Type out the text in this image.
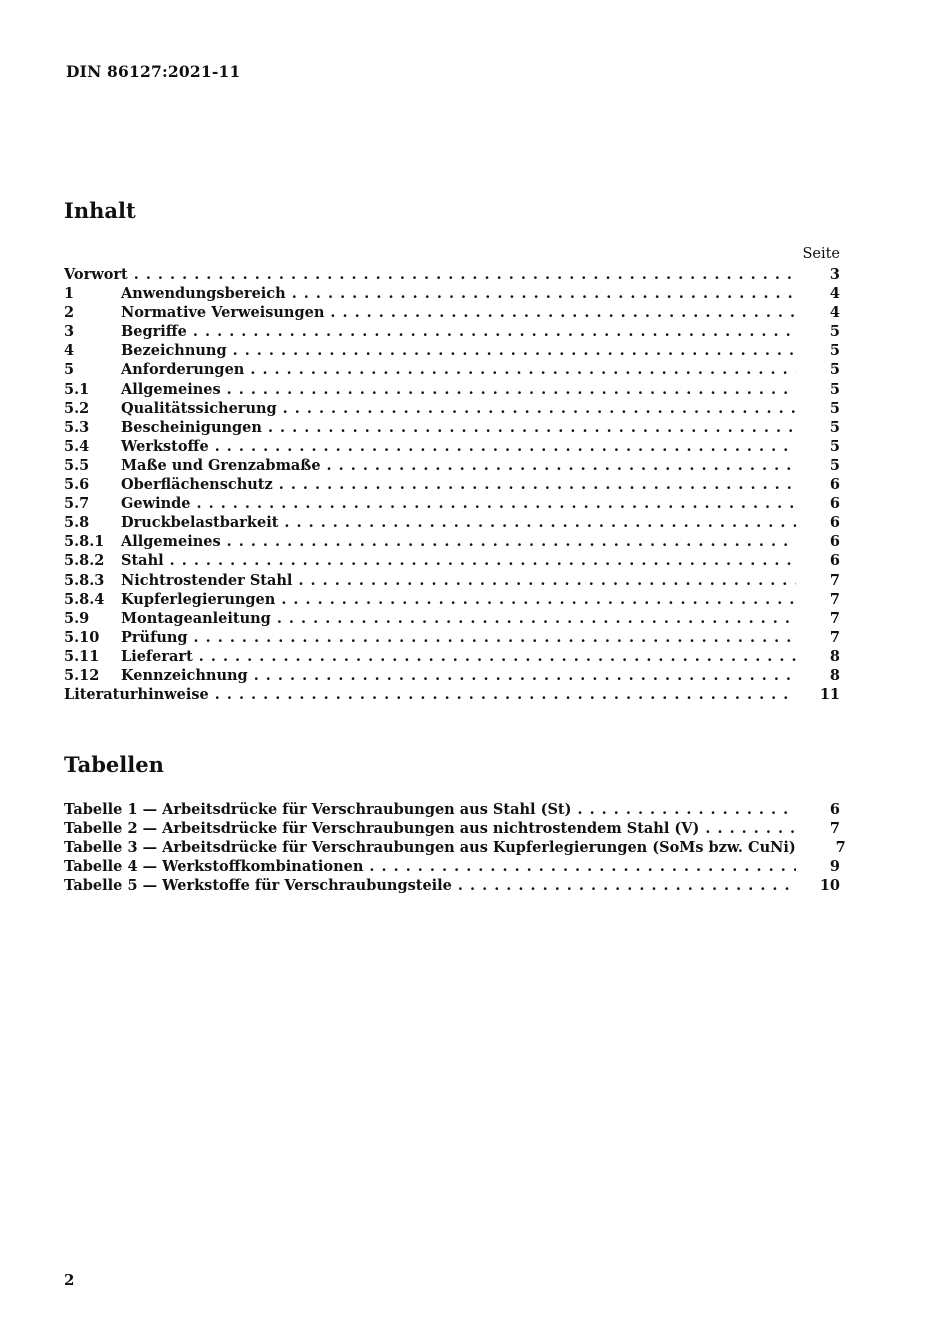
DIN 86127:2021-11
Inhalt
Seite
Vorwort . . .	3
1	Anwendungsbereich . . .	4
2	Normative Verweisungen . . .	4
3	Begriffe . . .	5
4	Bezeichnung . . .	5
5	Anforderungen . . .	5
5.1	Allgemeines . . .	5
5.2	Qualitätssicherung . . .	5
5.3	Bescheinigungen . . .	5
5.4	Werkstoffe . . .	5
5.5	Maße und Grenzabmaße . . .	5
5.6	Oberflächenschutz . . .	6
5.7	Gewinde . . .	6
5.8	Druckbelastbarkeit . . .	6
5.8.1	Allgemeines . . .	6
5.8.2	Stahl . . .	6
5.8.3	Nichtrostender Stahl . . .	7
5.8.4	Kupferlegierungen . . .	7
5.9	Montageanleitung . . .	7
5.10	Prüfung . . .	7
5.11	Lieferart . . .	8
5.12	Kennzeichnung . . .	8
Literaturhinweise . . .	11
Tabellen
Tabelle 1 — Arbeitsdrücke für Verschraubungen aus Stahl (St) . . .	6
Tabelle 2 — Arbeitsdrücke für Verschraubungen aus nichtrostendem Stahl (V) . . .	7
Tabelle 3 — Arbeitsdrücke für Verschraubungen aus Kupferlegierungen (SoMs bzw. CuNi)	7
Tabelle 4 — Werkstoffkombinationen . . .	9
Tabelle 5 — Werkstoffe für Verschraubungsteile . . .	10
2
